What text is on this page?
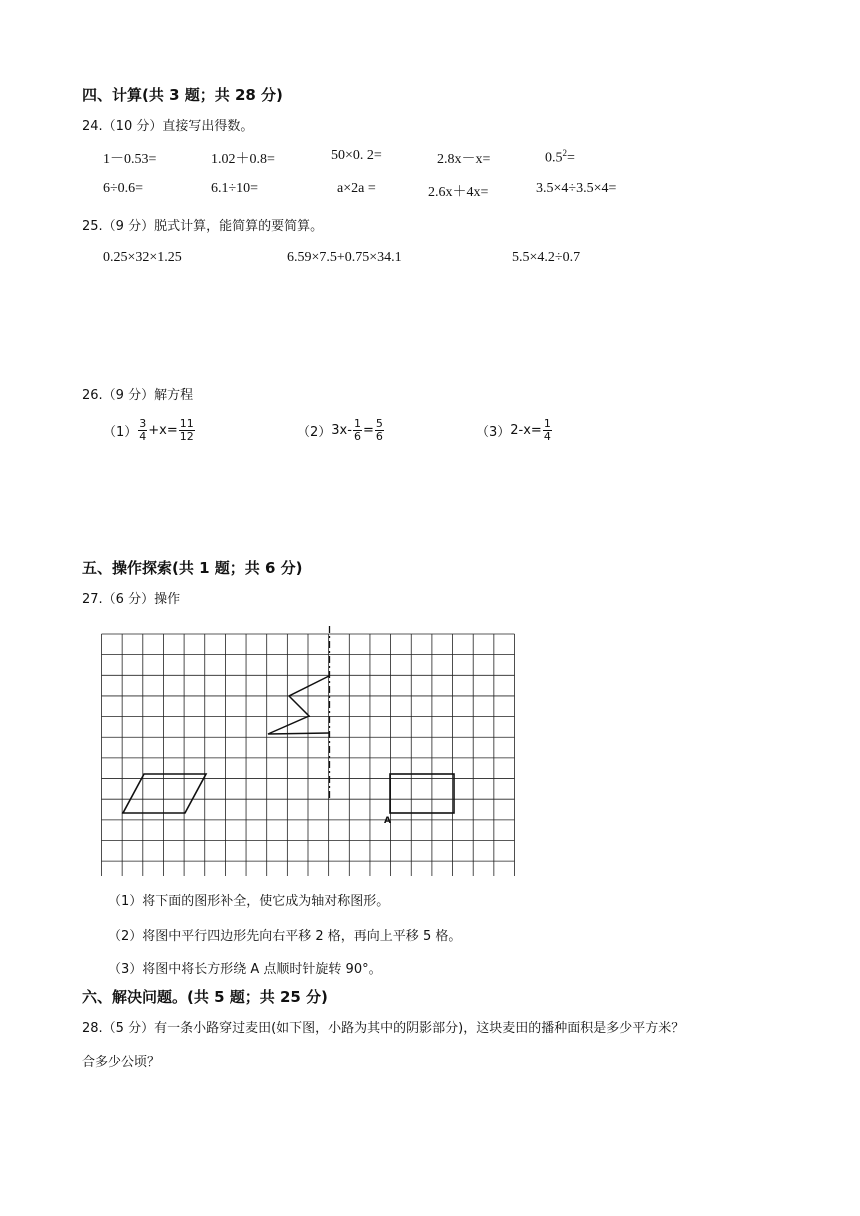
四、计算(共 3 题；共 28 分)
24.（10 分）直接写出得数。
1－0.53=	1.02＋0.8=	50×0. 2=	2.8x－x=	$0.5^2=$
6÷0.6=	6.1÷10=	a×2a =	2.6x＋4x=	3.5×4÷3.5×4=
25.（9 分）脱式计算，能简算的要简算。
0.25×32×1.25	6.59×7.5+0.75×34.1	5.5×4.2÷0.7
26.（9 分）解方程
$(1) \frac{3}{4} +x= \frac{11}{12}$	（2） $3x- \frac{1}{6} = \frac{5}{6}$	（3） $2-x= \frac{1}{4}$
五、操作探索(共 1 题；共 6 分)
27.（6 分）操作
A
（1）将下面的图形补全，使它成为轴对称图形。
（2）将图中平行四边形先向右平移 2 格，再向上平移 5 格。
（3）将图中将长方形绕 A 点顺时针旋转 90°。
六、解决问题。(共 5 题；共 25 分)
28.（5 分）有一条小路穿过麦田(如下图，小路为其中的阴影部分)，这块麦田的播种面积是多少平方米？
合多少公顷？
